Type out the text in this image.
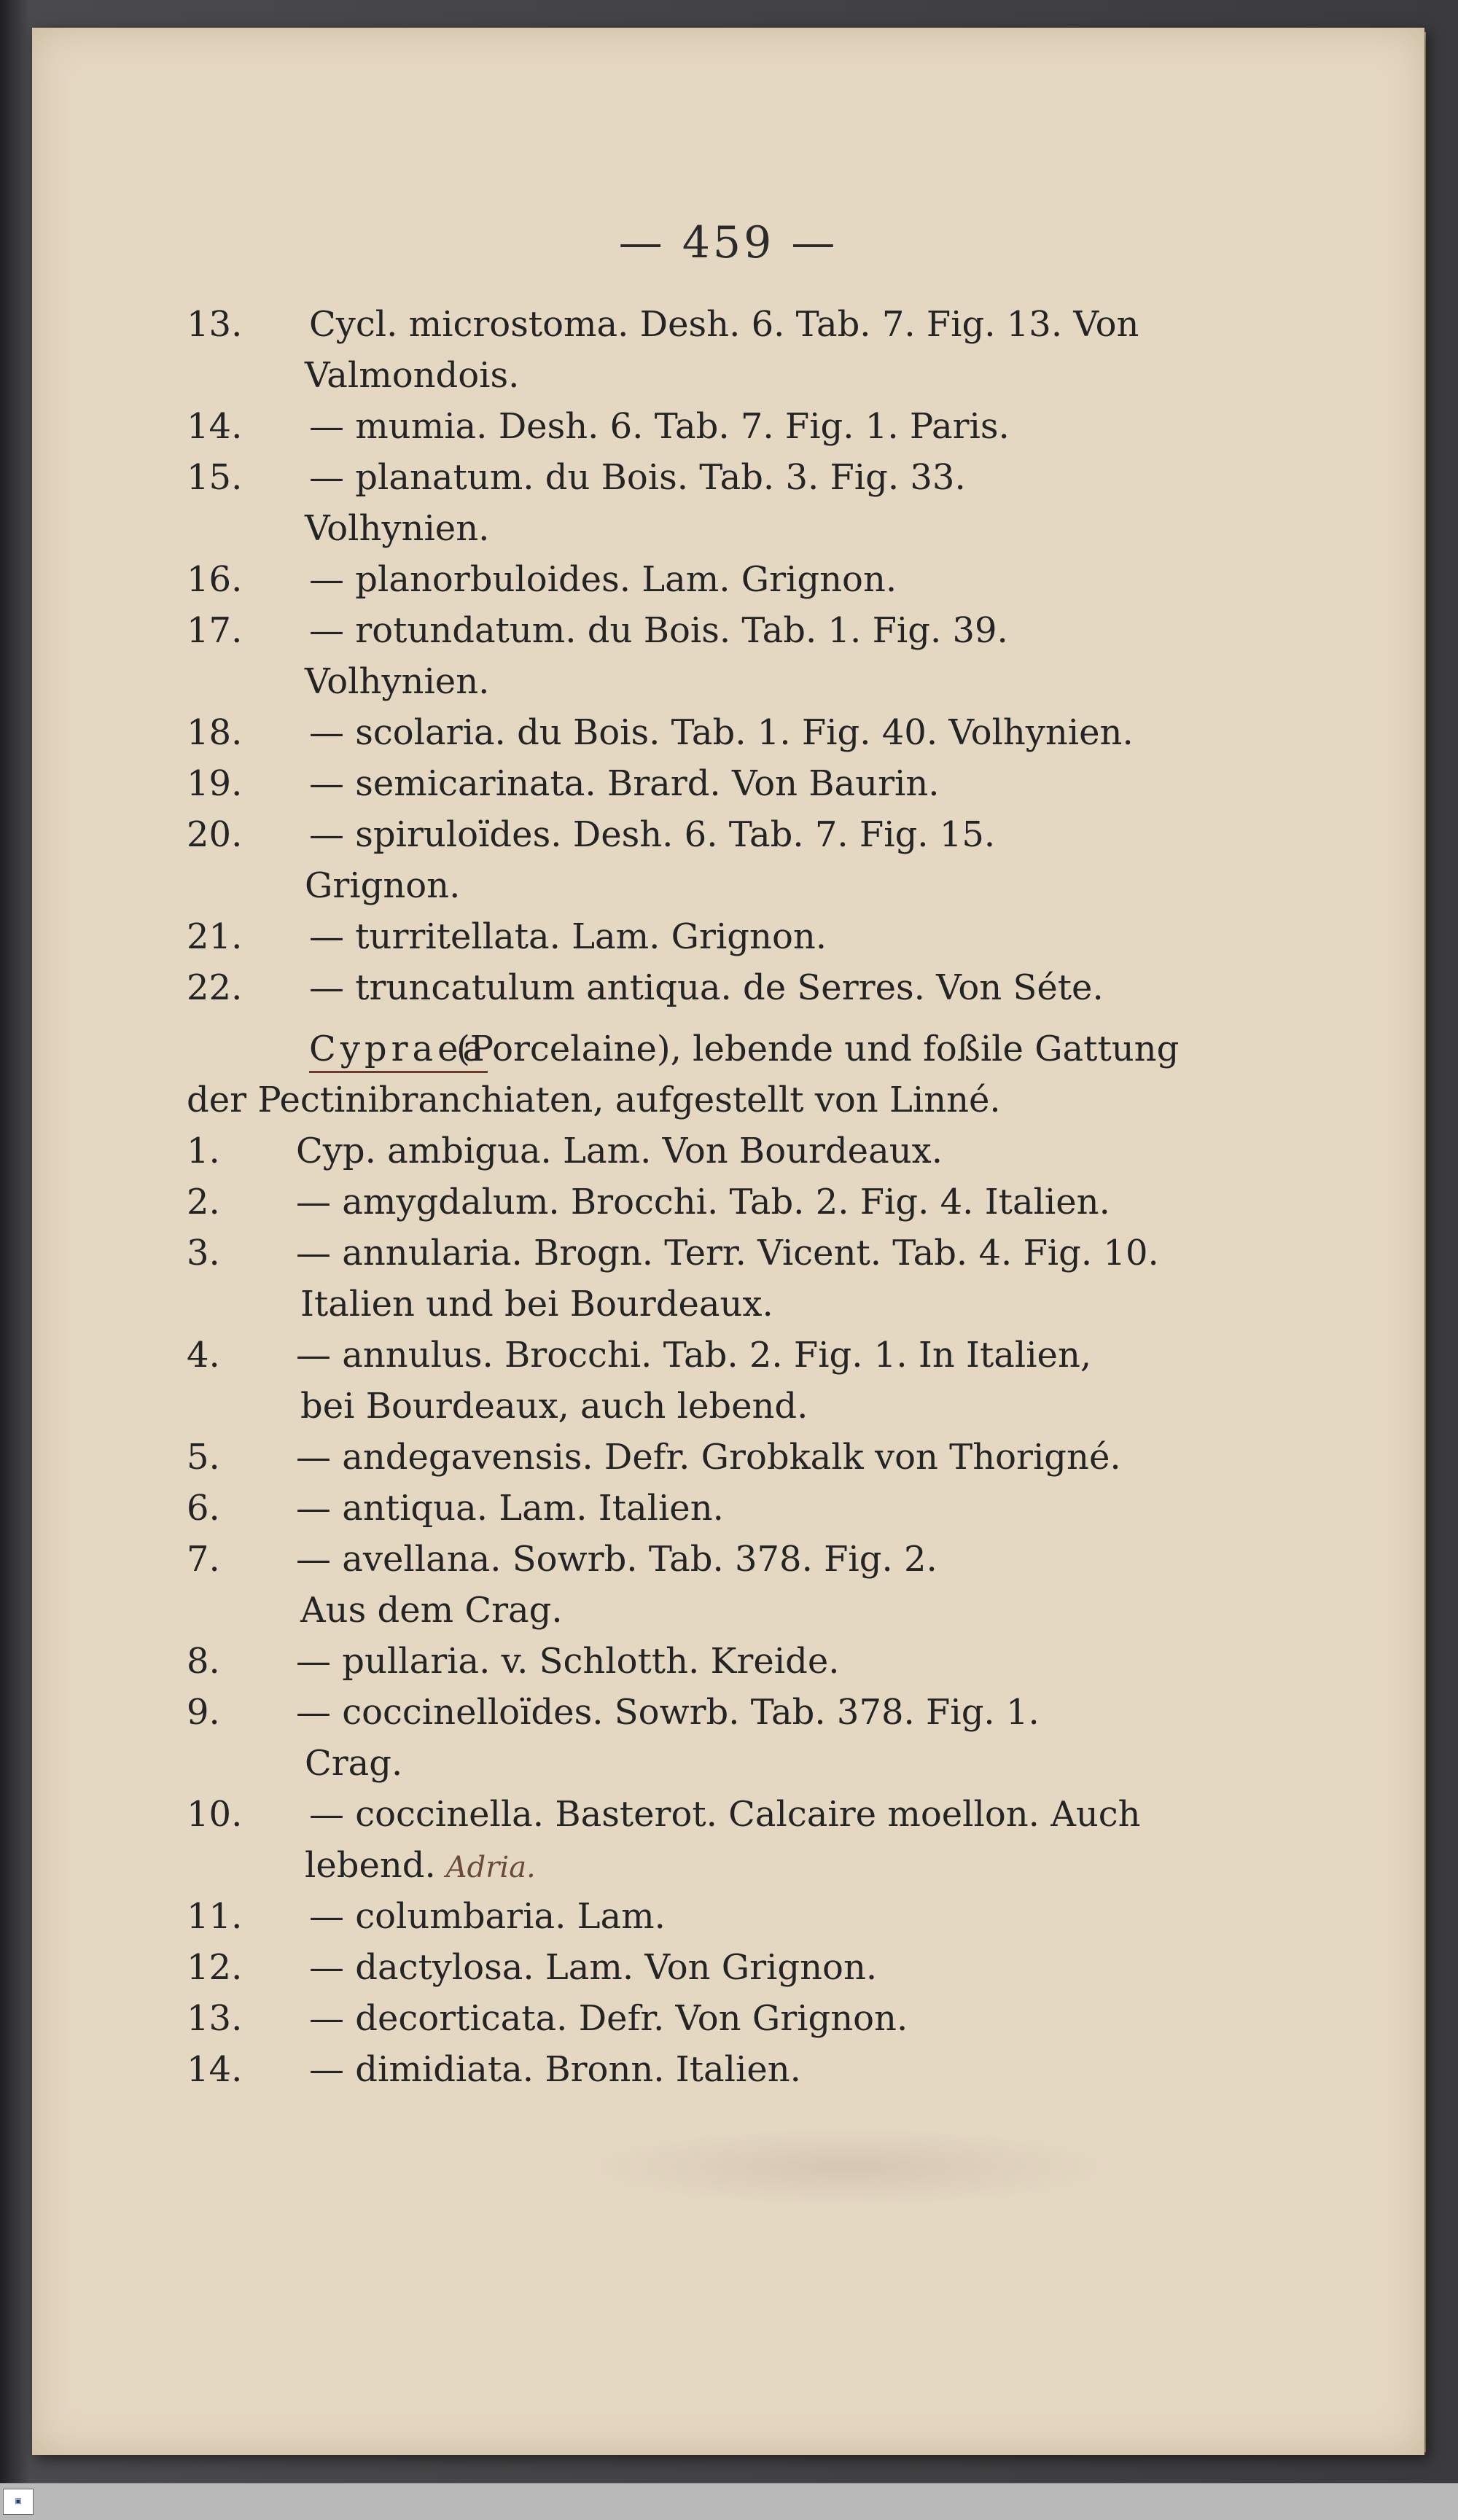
— 459 —
13.	Cycl. microstoma. Desh. 6. Tab. 7. Fig. 13. Von
Valmondois.
14.	— mumia. Desh. 6. Tab. 7. Fig. 1. Paris.
15.	— planatum. du Bois. Tab. 3. Fig. 33.
Volhynien.
16.	— planorbuloides. Lam. Grignon.
17.	— rotundatum. du Bois. Tab. 1. Fig. 39.
Volhynien.
18.	— scolaria. du Bois. Tab. 1. Fig. 40. Volhynien.
19.	— semicarinata. Brard. Von Baurin.
20.	— spiruloïdes. Desh. 6. Tab. 7. Fig. 15.
Grignon.
21.	— turritellata. Lam. Grignon.
22.	— truncatulum antiqua. de Serres. Von Séte.
Cypraea
(Porcelaine), lebende und foßile Gattung
der Pectinibranchiaten, aufgestellt von Linné.
1.	Cyp. ambigua. Lam. Von Bourdeaux.
2.	— amygdalum. Brocchi. Tab. 2. Fig. 4. Italien.
3.	— annularia. Brogn. Terr. Vicent. Tab. 4. Fig. 10.
Italien und bei Bourdeaux.
4.	— annulus. Brocchi. Tab. 2. Fig. 1. In Italien,
bei Bourdeaux, auch lebend.
5.	— andegavensis. Defr. Grobkalk von Thorigné.
6.	— antiqua. Lam. Italien.
7.	— avellana. Sowrb. Tab. 378. Fig. 2.
Aus dem Crag.
8.	— pullaria. v. Schlotth. Kreide.
9.	— coccinelloïdes. Sowrb. Tab. 378. Fig. 1.
Crag.
10.	— coccinella. Basterot. Calcaire moellon. Auch
lebend. Adria.
11.	— columbaria. Lam.
12.	— dactylosa. Lam. Von Grignon.
13.	— decorticata. Defr. Von Grignon.
14.	— dimidiata. Bronn. Italien.
▣
